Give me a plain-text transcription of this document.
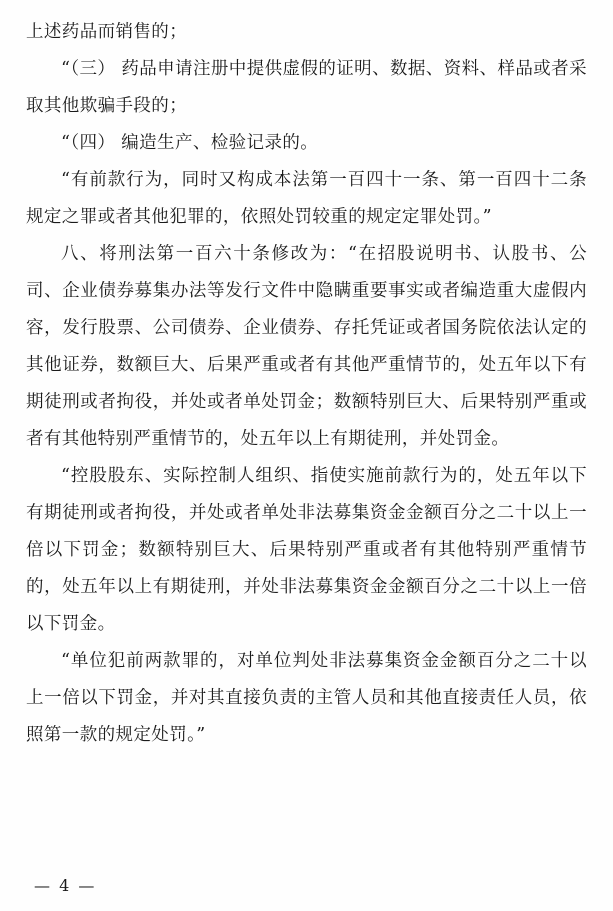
上述药品而销售的；

“（三） 药品申请注册中提供虚假的证明、数据、资料、样品或者采取其他欺骗手段的；

“（四） 编造生产、检验记录的。

“有前款行为，同时又构成本法第一百四十一条、第一百四十二条规定之罪或者其他犯罪的，依照处罚较重的规定定罪处罚。”

八、将刑法第一百六十条修改为：“在招股说明书、认股书、公司、企业债券募集办法等发行文件中隐瞒重要事实或者编造重大虚假内容，发行股票、公司债券、企业债券、存托凭证或者国务院依法认定的其他证券，数额巨大、后果严重或者有其他严重情节的，处五年以下有期徒刑或者拘役，并处或者单处罚金；数额特别巨大、后果特别严重或者有其他特别严重情节的，处五年以上有期徒刑，并处罚金。

“控股股东、实际控制人组织、指使实施前款行为的，处五年以下有期徒刑或者拘役，并处或者单处非法募集资金金额百分之二十以上一倍以下罚金；数额特别巨大、后果特别严重或者有其他特别严重情节的，处五年以上有期徒刑，并处非法募集资金金额百分之二十以上一倍以下罚金。

“单位犯前两款罪的，对单位判处非法募集资金金额百分之二十以上一倍以下罚金，并对其直接负责的主管人员和其他直接责任人员，依照第一款的规定处罚。”

— 4 —
